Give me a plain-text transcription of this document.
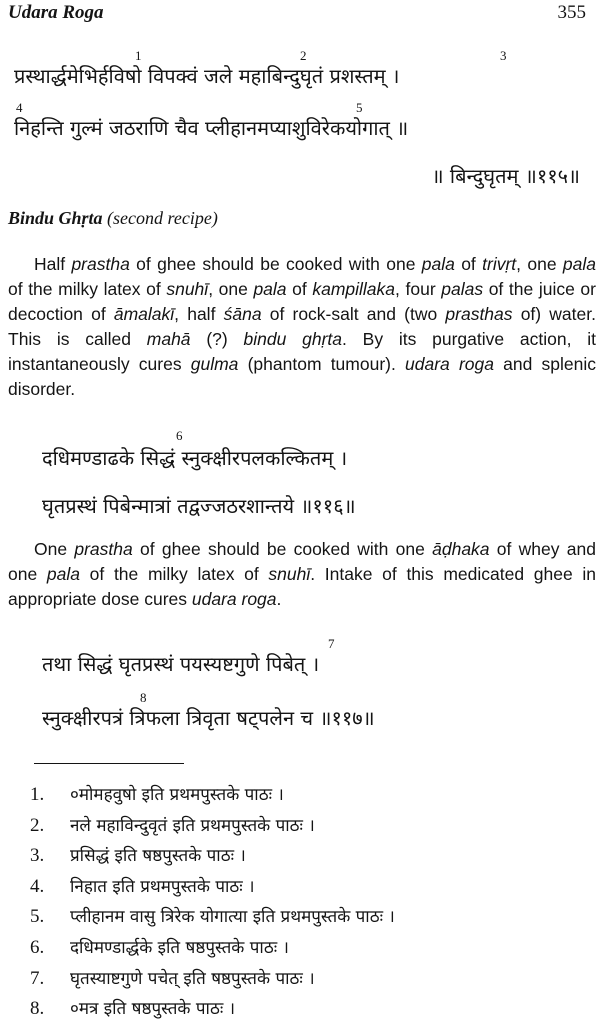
Udara Roga	355
1	2	3
प्रस्थार्द्धमेभिर्हविषो विपक्वं जले महाबिन्दुघृतं प्रशस्तम् ।
4	5
निहन्ति गुल्मं जठराणि चैव प्लीहानमप्याशुविरेकयोगात् ॥
॥ बिन्दुघृतम् ॥११५॥
Bindu Ghṛta (second recipe)

Half prastha of ghee should be cooked with one pala of trivṛt, one pala of the milky latex of snuhī, one pala of kampillaka, four palas of the juice or decoction of āmalakī, half śāna of rock-salt and (two prasthas of) water. This is called mahā (?) bindu ghṛta. By its purgative action, it instantaneously cures gulma (phantom tumour). udara roga and splenic disorder.

6
दधिमण्डाढके सिद्धं स्नुक्क्षीरपलकल्कितम् ।
घृतप्रस्थं पिबेन्मात्रां तद्वज्जठरशान्तये ॥११६॥

One prastha of ghee should be cooked with one āḍhaka of whey and one pala of the milky latex of snuhī. Intake of this medicated ghee in appropriate dose cures udara roga.

7
तथा सिद्धं घृतप्रस्थं पयस्यष्टगुणे पिबेत् ।
8
स्नुक्क्षीरपत्रं त्रिफला त्रिवृता षट्पलेन च ॥११७॥
1. ०मोमहवुषो इति प्रथमपुस्तके पाठः ।
2. नले महाविन्दुवृतं इति प्रथमपुस्तके पाठः ।
3. प्रसिद्धं इति षष्ठपुस्तके पाठः ।
4. निहात इति प्रथमपुस्तके पाठः ।
5. प्लीहानम वासु त्रिरेक योगात्या इति प्रथमपुस्तके पाठः ।
6. दधिमण्डार्द्धके इति षष्ठपुस्तके पाठः ।
7. घृतस्याष्टगुणे पचेत् इति षष्ठपुस्तके पाठः ।
8. ०मत्र इति षष्ठपुस्तके पाठः ।
